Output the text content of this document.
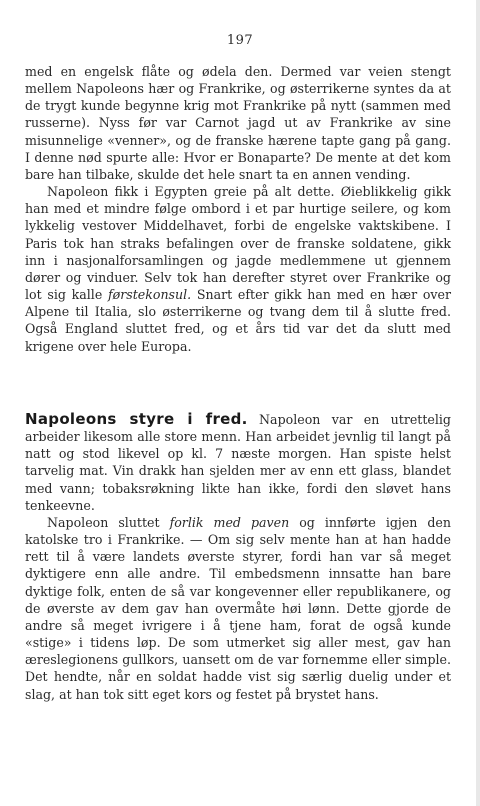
197

med en engelsk flåte og ødela den. Dermed var veien stengt mellem Napoleons hær og Frankrike, og østerrikerne syntes da at de trygt kunde begynne krig mot Frankrike på nytt (sammen med russerne). Nyss før var Carnot jagd ut av Frankrike av sine misunnelige «venner», og de franske hærene tapte gang på gang. I denne nød spurte alle: Hvor er Bonaparte? De mente at det kom bare han tilbake, skulde det hele snart ta en annen vending.

Napoleon fikk i Egypten greie på alt dette. Øieblikkelig gikk han med et mindre følge ombord i et par hurtige seilere, og kom lykkelig vestover Middelhavet, forbi de engelske vaktskibene. I Paris tok han straks befalingen over de franske soldatene, gikk inn i nasjonalforsamlingen og jagde medlemmene ut gjennem dører og vinduer. Selv tok han derefter styret over Frankrike og lot sig kalle førstekonsul. Snart efter gikk han med en hær over Alpene til Italia, slo østerrikerne og tvang dem til å slutte fred. Også England sluttet fred, og et års tid var det da slutt med krigene over hele Europa.

Napoleons styre i fred. Napoleon var en utrettelig arbeider likesom alle store menn. Han arbeidet jevnlig til langt på natt og stod likevel op kl. 7 næste morgen. Han spiste helst tarvelig mat. Vin drakk han sjelden mer av enn ett glass, blandet med vann; tobaksrøkning likte han ikke, fordi den sløvet hans tenkeevne.

Napoleon sluttet forlik med paven og innførte igjen den katolske tro i Frankrike. — Om sig selv mente han at han hadde rett til å være landets øverste styrer, fordi han var så meget dyktigere enn alle andre. Til embedsmenn innsatte han bare dyktige folk, enten de så var kongevenner eller republikanere, og de øverste av dem gav han overmåte høi lønn. Dette gjorde de andre så meget ivrigere i å tjene ham, forat de også kunde «stige» i tidens løp. De som utmerket sig aller mest, gav han æreslegionens gullkors, uansett om de var fornemme eller simple. Det hendte, når en soldat hadde vist sig særlig duelig under et slag, at han tok sitt eget kors og festet på brystet hans.
